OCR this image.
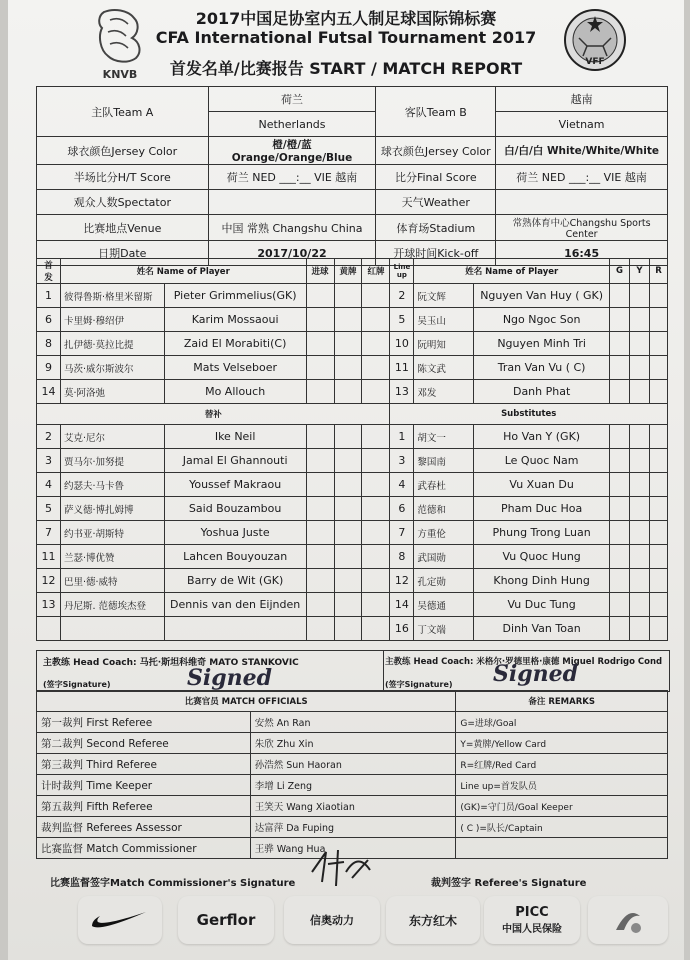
KNVB
2017中国足协室内五人制足球国际锦标赛
CFA International Futsal Tournament 2017
首发名单/比赛报告 START / MATCH REPORT	VFF
主队Team A	荷兰	客队Team B	越南
	Netherlands		Vietnam
球衣颜色Jersey Color	橙/橙/蓝 Orange/Orange/Blue	球衣颜色Jersey Color	白/白/白 White/White/White
半场比分H/T Score	荷兰 NED ___:__ VIE 越南	比分Final Score	荷兰 NED ___:__ VIE 越南
观众人数Spectator		天气Weather	
比赛地点Venue	中国 常熟 Changshu China	体育场Stadium	常熟体育中心Changshu Sports Center
日期Date	2017/10/22	开球时间Kick-off	16:45
首发	姓名 Name of Player		进球	黄牌	红牌	Line up	姓名 Name of Player		G	Y	R
1	彼得鲁斯·格里米留斯	Pieter Grimmelius(GK)				2	阮文辉	Nguyen Van Huy ( GK)			
6	卡里姆·穆绍伊	Karim Mossaoui				5	吴玉山	Ngo Ngoc Son			
8	扎伊德·莫拉比提	Zaid El Morabiti(C)				10	阮明知	Nguyen Minh Tri			
9	马茨·威尔斯波尔	Mats Velseboer				11	陈文武	Tran Van Vu ( C)			
14	莫·阿洛弛	Mo Allouch				13	邓发	Danh Phat			
替补						Substitutes					
2	艾克·尼尔	Ike Neil				1	胡文一	Ho Van Y (GK)			
3	贾马尔·加努提	Jamal El Ghannouti				3	黎国南	Le Quoc Nam			
4	约瑟夫·马卡鲁	Youssef Makraou				4	武春杜	Vu Xuan Du			
5	萨义德·博扎姆博	Said Bouzambou				6	范德和	Pham Duc Hoa			
7	约书亚·胡斯特	Yoshua Juste				7	方重伦	Phung Trong Luan			
11	兰瑟·博优赞	Lahcen Bouyouzan				8	武国勋	Vu Quoc Hung			
12	巴里·德·威特	Barry de Wit (GK)				12	孔定勋	Khong Dinh Hung			
13	丹尼斯. 范德埃杰登	Dennis van den Eijnden				14	吴德通	Vu Duc Tung			
						16	丁文端	Dinh Van Toan			
主教练 Head Coach: 马托·斯坦科维奇 MATO STANKOVIC
(签字Signature)	Signed
主教练 Head Coach: 米格尔·罗德里格·康德 Miguel Rodrigo Cond
(签字Signature) Signed
比赛官员 MATCH OFFICIALS		备注 REMARKS
第一裁判 First Referee	安然 An Ran	G=进球/Goal
第二裁判 Second Referee	朱欣 Zhu Xin	Y=黄牌/Yellow Card
第三裁判 Third Referee	孙浩然 Sun Haoran	R=红牌/Red Card
计时裁判 Time Keeper	李增 Li Zeng	Line up=首发队员
第五裁判 Fifth Referee	王笑天 Wang Xiaotian	(GK)=守门员/Goal Keeper
裁判监督 Referees Assessor	达富萍 Da Fuping	( C )=队长/Captain
比赛监督 Match Commissioner	王骅 Wang Hua	
比赛监督签字Match Commissioner's Signature                                       裁判签字 Referee's Signature
Gerflor	信奥动力	东方红木
PICC
中国人民保险
